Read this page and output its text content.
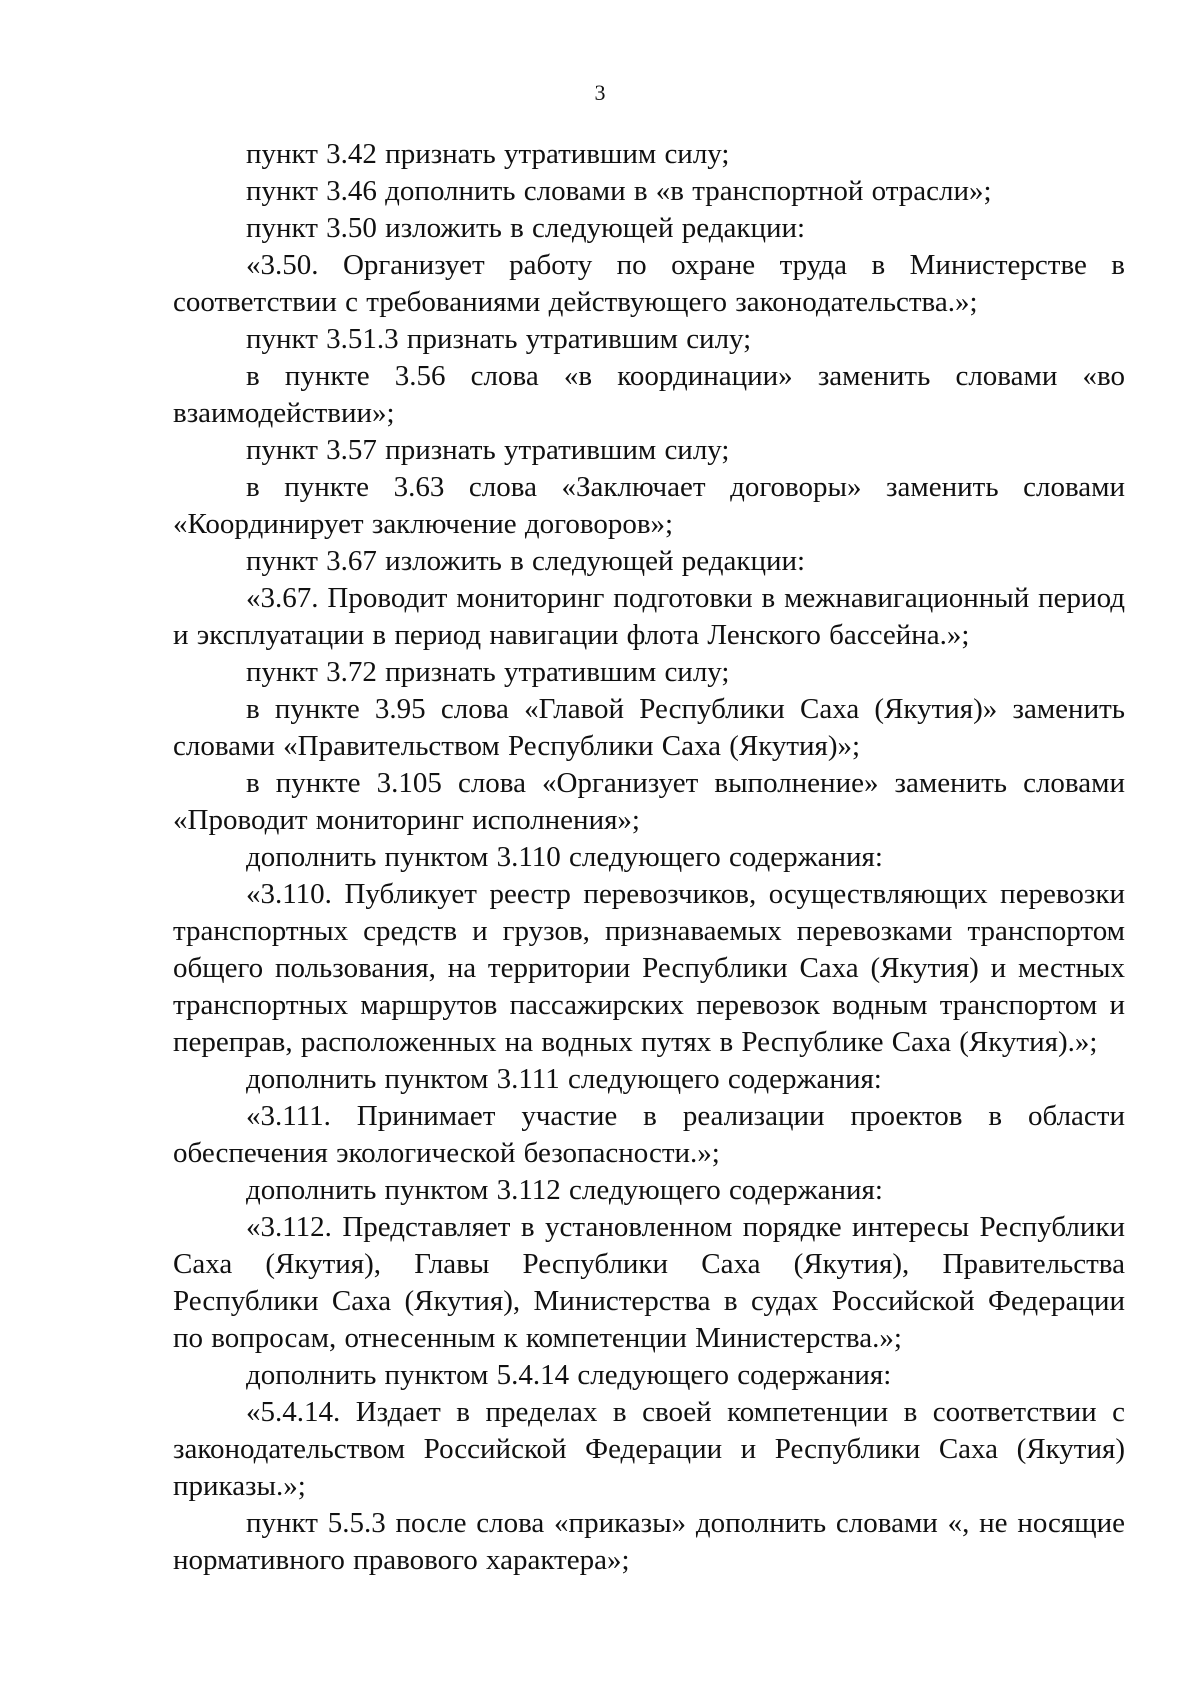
3

пункт 3.42 признать утратившим силу;

пункт 3.46 дополнить словами в «в транспортной отрасли»;

пункт 3.50 изложить в следующей редакции:

«3.50. Организует работу по охране труда в Министерстве в соответствии с требованиями действующего законодательства.»;

пункт 3.51.3 признать утратившим силу;

в пункте 3.56 слова «в координации» заменить словами «во взаимодействии»;

пункт 3.57 признать утратившим силу;

в пункте 3.63 слова «Заключает договоры» заменить словами «Координирует заключение договоров»;

пункт 3.67 изложить в следующей редакции:

«3.67. Проводит мониторинг подготовки в межнавигационный период и эксплуатации в период навигации флота Ленского бассейна.»;

пункт 3.72 признать утратившим силу;

в пункте 3.95 слова «Главой Республики Саха (Якутия)» заменить словами «Правительством Республики Саха (Якутия)»;

в пункте 3.105 слова «Организует выполнение» заменить словами «Проводит мониторинг исполнения»;

дополнить пунктом 3.110 следующего содержания:

«3.110. Публикует реестр перевозчиков, осуществляющих перевозки транспортных средств и грузов, признаваемых перевозками транспортом общего пользования, на территории Республики Саха (Якутия) и местных транспортных маршрутов пассажирских перевозок водным транспортом и переправ, расположенных на водных путях в Республике Саха (Якутия).»;

дополнить пунктом 3.111 следующего содержания:

«3.111. Принимает участие в реализации проектов в области обеспечения экологической безопасности.»;

дополнить пунктом 3.112 следующего содержания:

«3.112. Представляет в установленном порядке интересы Республики Саха (Якутия), Главы Республики Саха (Якутия), Правительства Республики Саха (Якутия), Министерства в судах Российской Федерации по вопросам, отнесенным к компетенции Министерства.»;

дополнить пунктом 5.4.14 следующего содержания:

«5.4.14. Издает в пределах в своей компетенции в соответствии с законодательством Российской Федерации и Республики Саха (Якутия) приказы.»;

пункт 5.5.3 после слова «приказы» дополнить словами «, не носящие нормативного правового характера»;
